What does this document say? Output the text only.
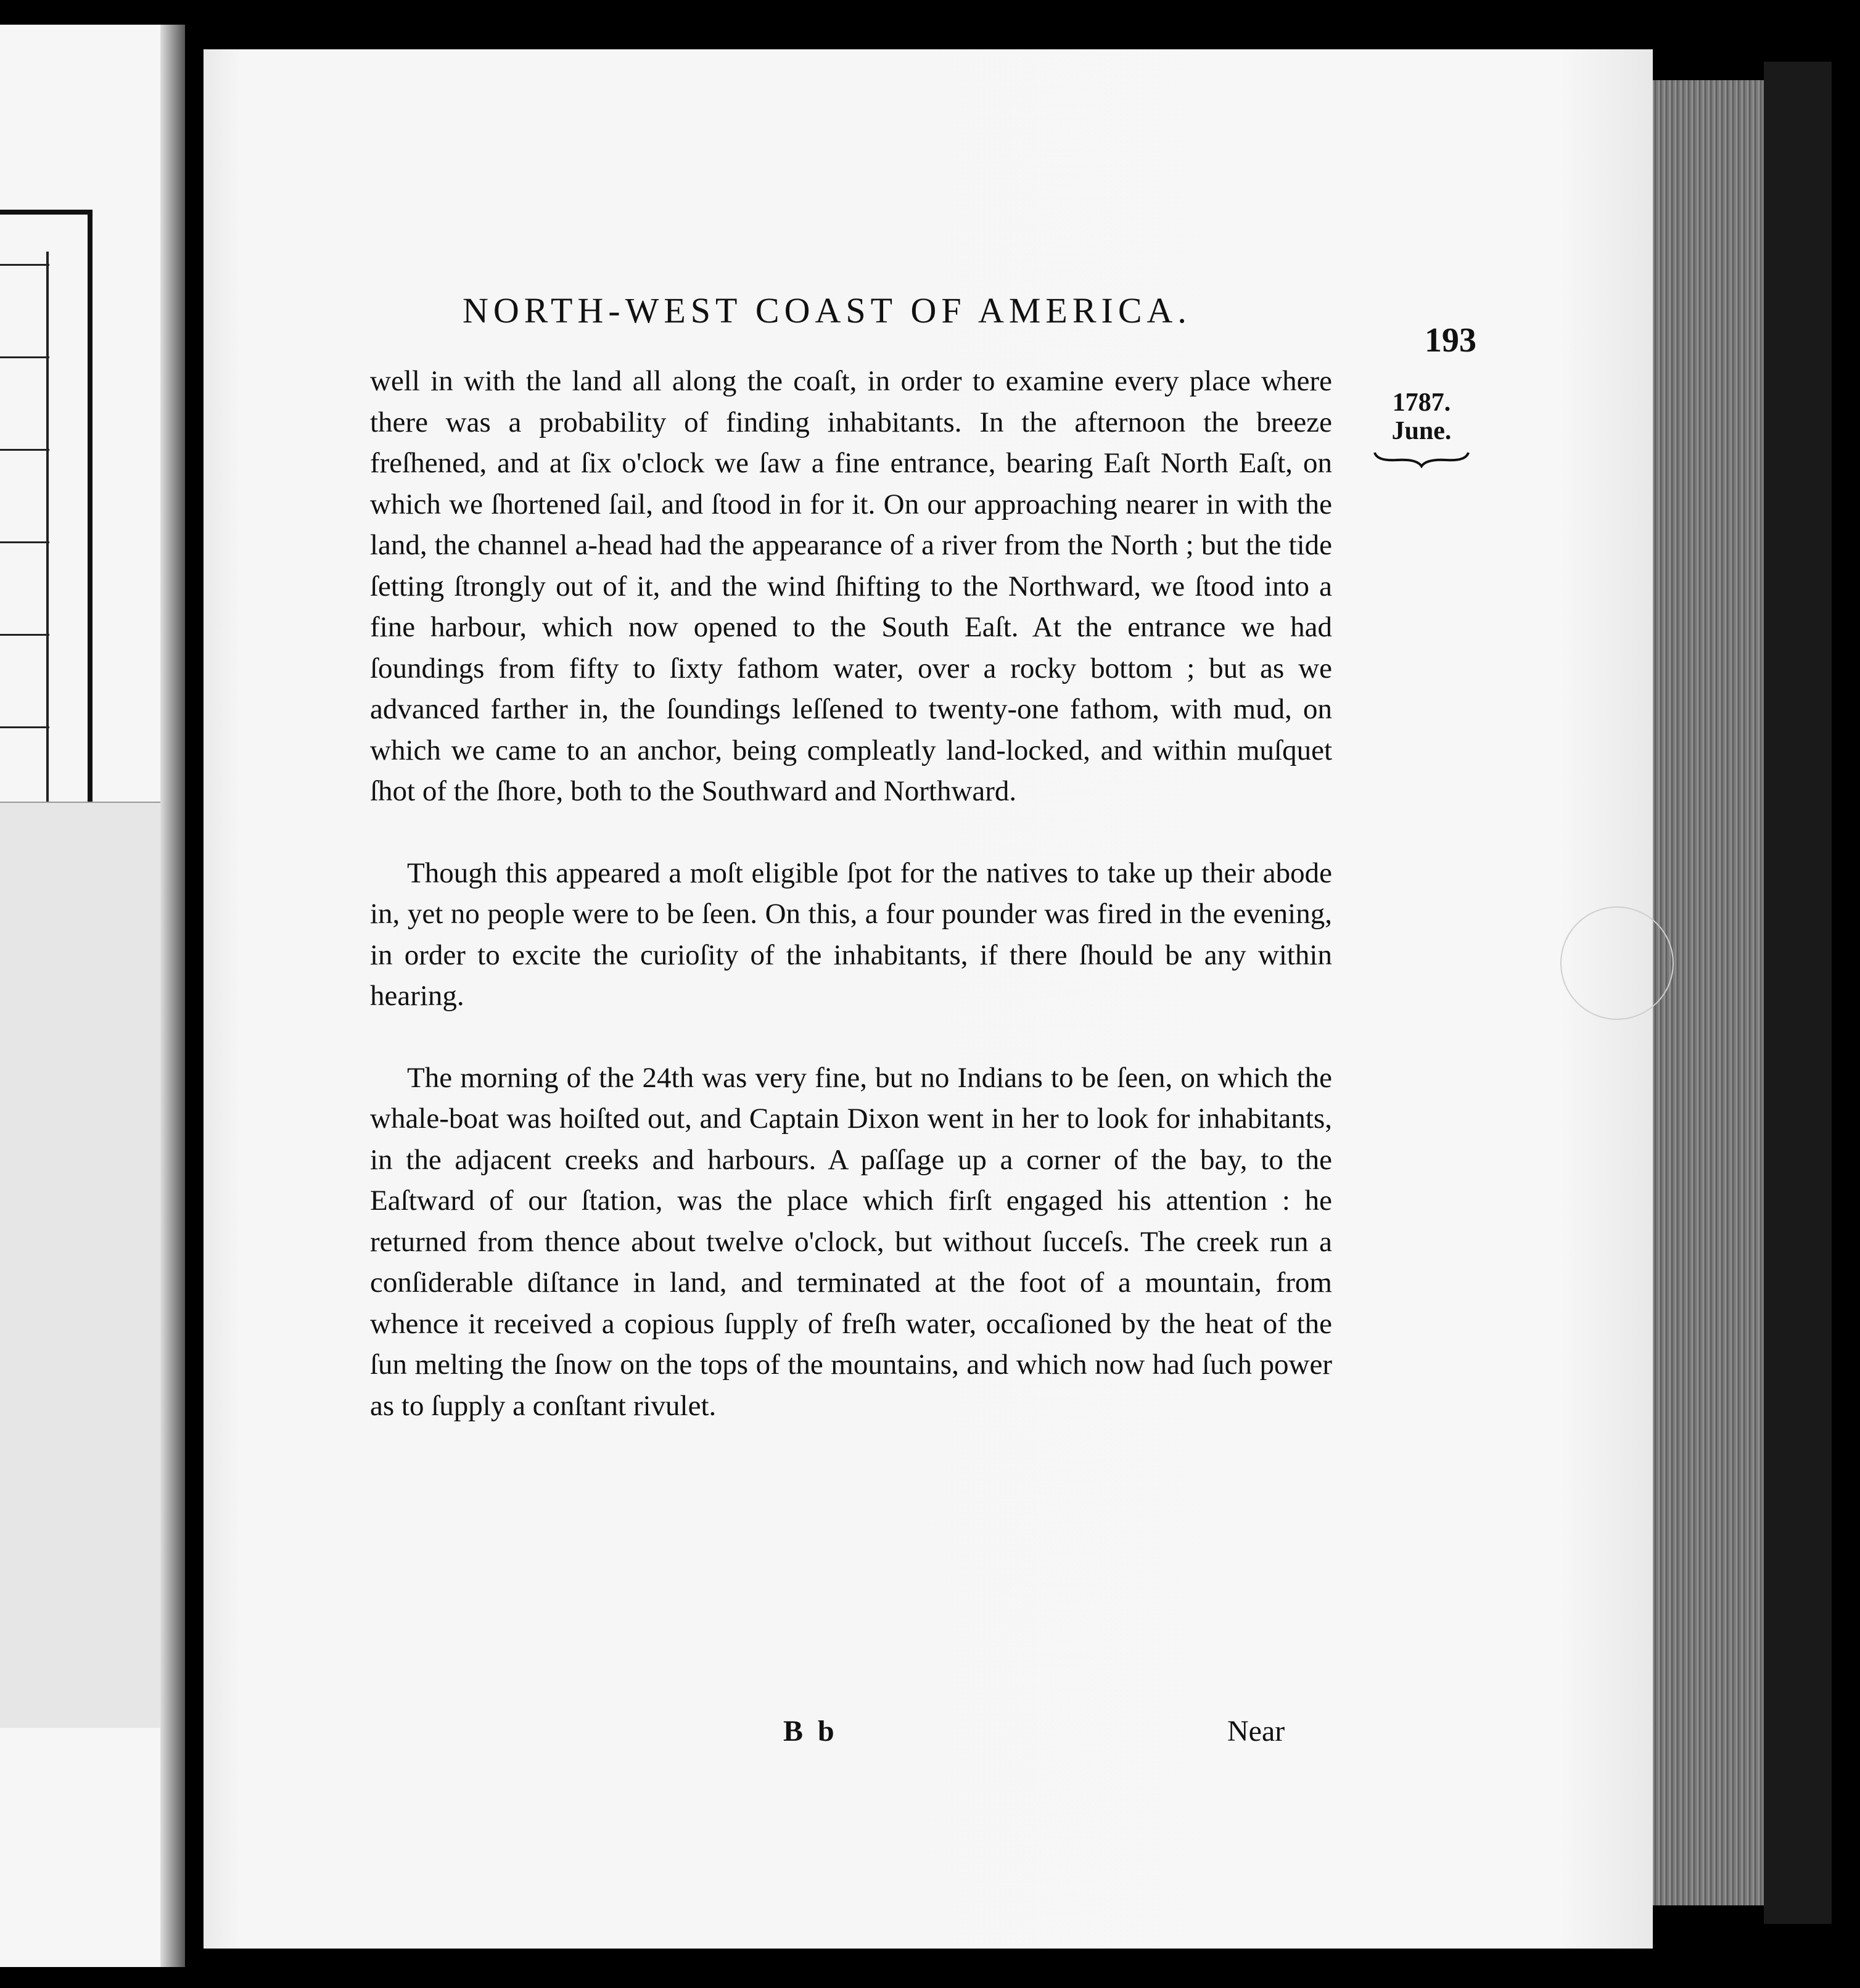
NORTH-WEST COAST OF AMERICA.
193
1787.
June.

well in with the land all along the coaſt, in order to examine every place where there was a probability of finding inhabitants. In the afternoon the breeze freſhened, and at ſix o'clock we ſaw a fine entrance, bearing Eaſt North Eaſt, on which we ſhortened ſail, and ſtood in for it. On our approaching nearer in with the land, the channel a-head had the appearance of a river from the North ; but the tide ſetting ſtrongly out of it, and the wind ſhifting to the Northward, we ſtood into a fine harbour, which now opened to the South Eaſt. At the entrance we had ſoundings from fifty to ſixty fathom water, over a rocky bottom ; but as we advanced farther in, the ſoundings leſſened to twenty-one fathom, with mud, on which we came to an anchor, being compleatly land-locked, and within muſquet ſhot of the ſhore, both to the Southward and Northward.

Though this appeared a moſt eligible ſpot for the natives to take up their abode in, yet no people were to be ſeen. On this, a four pounder was fired in the evening, in order to excite the curioſity of the inhabitants, if there ſhould be any within hearing.

The morning of the 24th was very fine, but no Indians to be ſeen, on which the whale-boat was hoiſted out, and Captain Dixon went in her to look for inhabitants, in the adjacent creeks and harbours. A paſſage up a corner of the bay, to the Eaſtward of our ſtation, was the place which firſt engaged his attention : he returned from thence about twelve o'clock, but without ſucceſs. The creek run a conſiderable diſtance in land, and terminated at the foot of a mountain, from whence it received a copious ſupply of freſh water, occaſioned by the heat of the ſun melting the ſnow on the tops of the mountains, and which now had ſuch power as to ſupply a conſtant rivulet.

B b	Near
